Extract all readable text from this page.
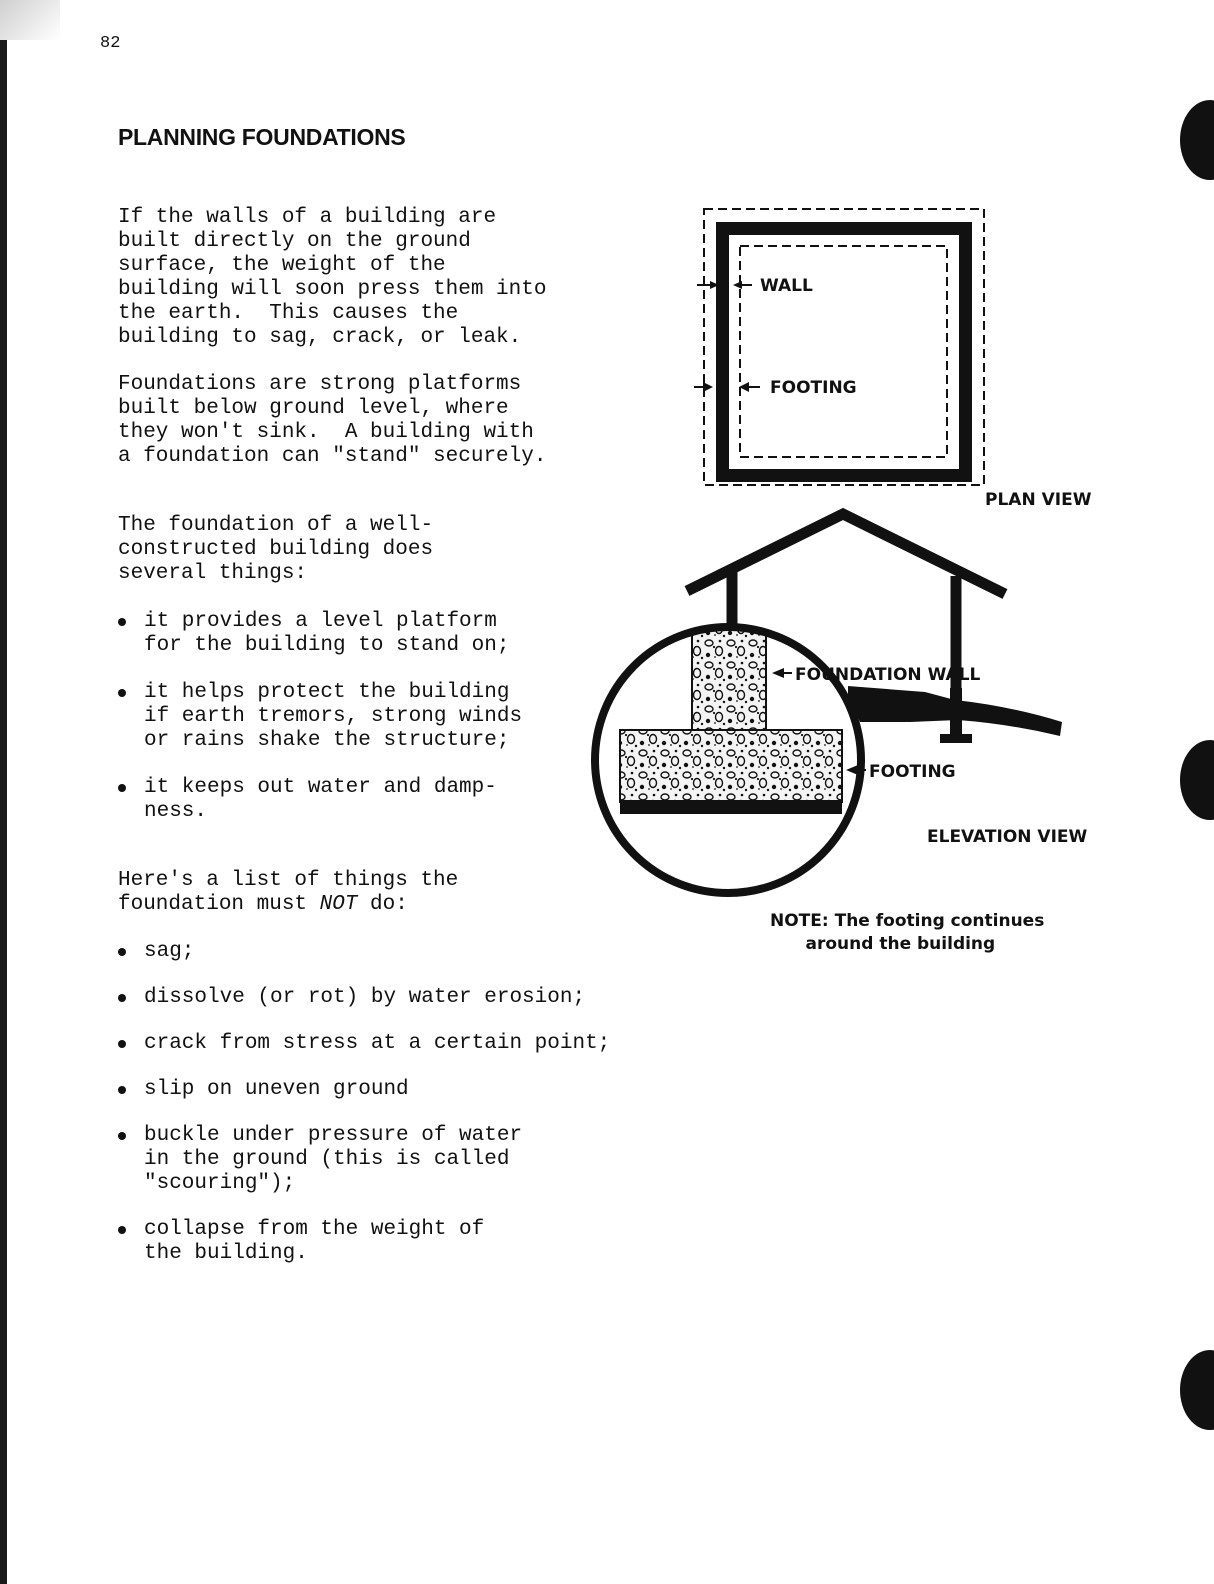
82
PLANNING FOUNDATIONS

If the walls of a building are
built directly on the ground
surface, the weight of the
building will soon press them into
the earth.  This causes the
building to sag, crack, or leak.

Foundations are strong platforms
built below ground level, where
they won't sink.  A building with
a foundation can "stand" securely.

The foundation of a well-
constructed building does
several things:

it provides a level platform
for the building to stand on;
it helps protect the building
if earth tremors, strong winds
or rains shake the structure;
it keeps out water and damp-
ness.

Here's a list of things the
foundation must NOT do:

sag;
dissolve (or rot) by water erosion;
crack from stress at a certain point;
slip on uneven ground
buckle under pressure of water
in the ground (this is called
"scouring");
collapse from the weight of
the building.
WALL
FOOTING
PLAN VIEW
FOUNDATION WALL
FOOTING
ELEVATION VIEW
NOTE: The footing continues
around the building
